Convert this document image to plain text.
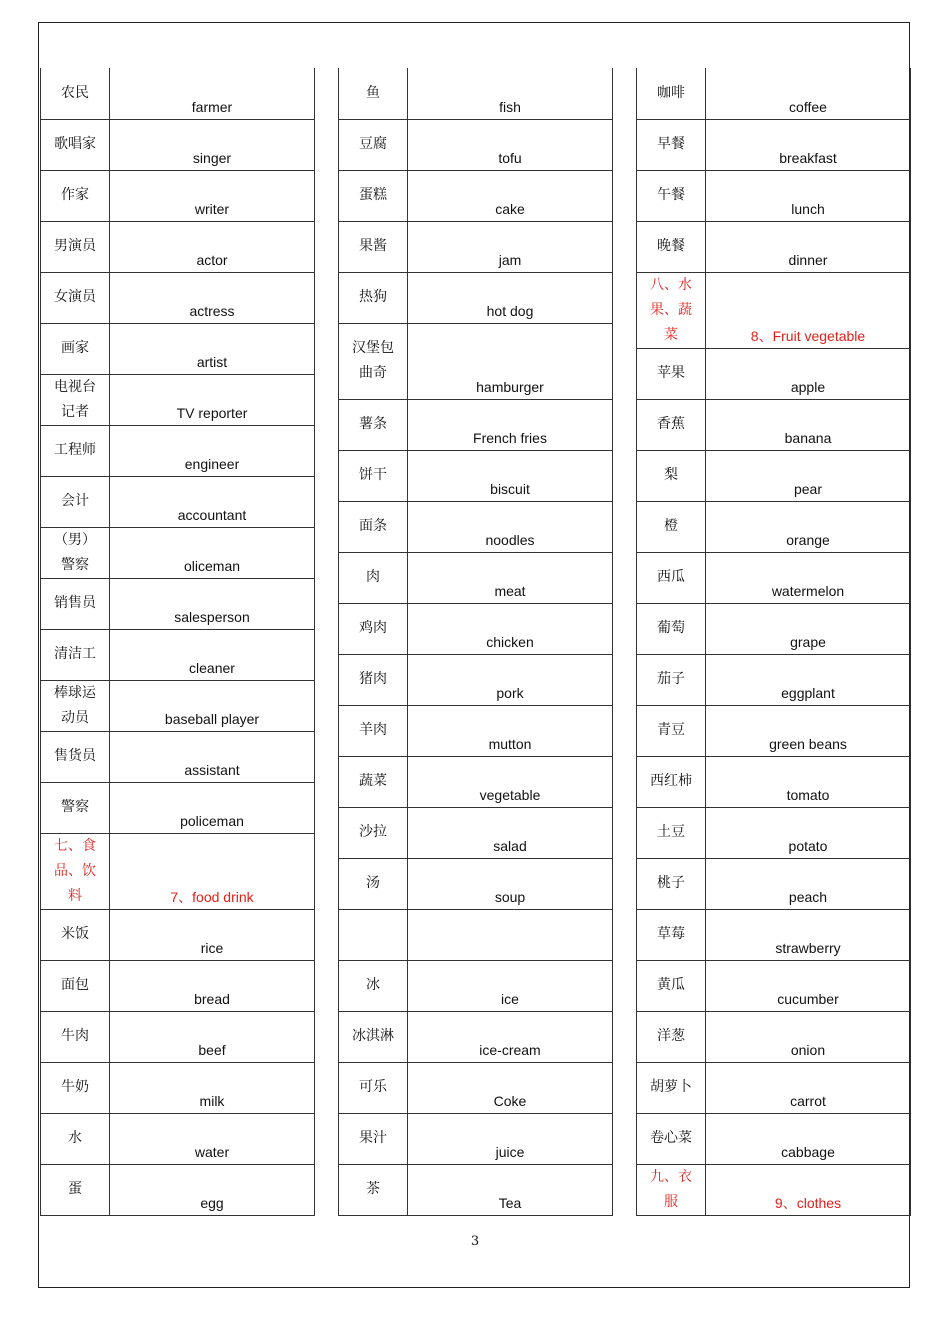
农民	farmer
歌唱家	singer
作家	writer
男演员	actor
女演员	actress
画家	artist
电视台记者	TV reporter
工程师	engineer
会计	accountant
（男）警察	oliceman
销售员	salesperson
清洁工	cleaner
棒球运动员	baseball player
售货员	assistant
警察	policeman
七、食品、饮料	7、food drink
米饭	rice
面包	bread
牛肉	beef
牛奶	milk
水	water
蛋	egg
鱼	fish
豆腐	tofu
蛋糕	cake
果酱	jam
热狗	hot dog
汉堡包 曲奇	hamburger
薯条	French fries
饼干	biscuit
面条	noodles
肉	meat
鸡肉	chicken
猪肉	pork
羊肉	mutton
蔬菜	vegetable
沙拉	salad
汤	soup

冰	ice
冰淇淋	ice-cream
可乐	Coke
果汁	juice
茶	Tea
咖啡	coffee
早餐	breakfast
午餐	lunch
晚餐	dinner
八、水果、蔬菜	8、Fruit vegetable
苹果	apple
香蕉	banana
梨	pear
橙	orange
西瓜	watermelon
葡萄	grape
茄子	eggplant
青豆	green beans
西红柿	tomato
土豆	potato
桃子	peach
草莓	strawberry
黄瓜	cucumber
洋葱	onion
胡萝卜	carrot
卷心菜	cabbage
九、衣服	9、clothes
3
